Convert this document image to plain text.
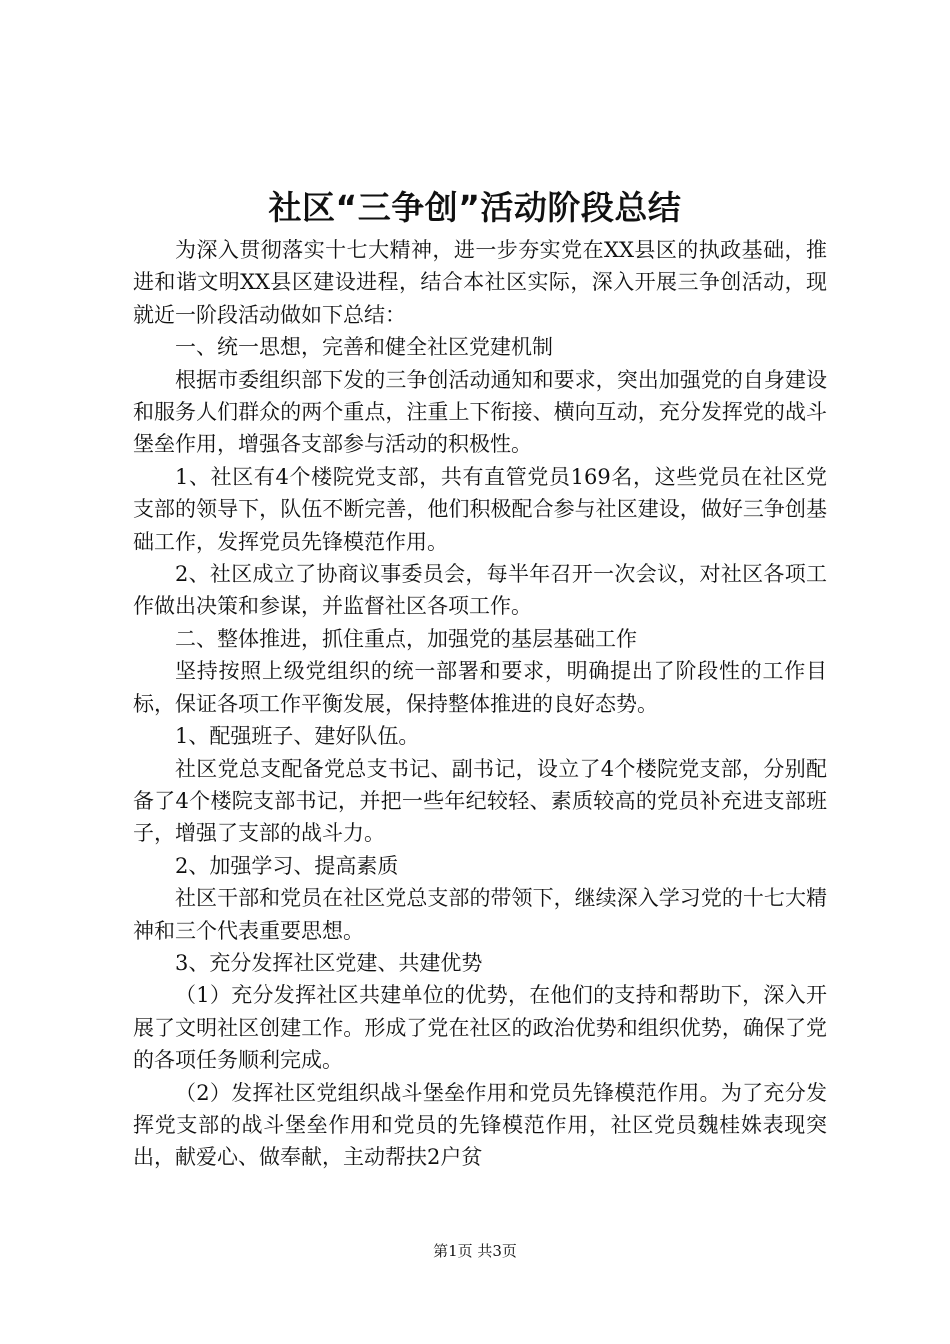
社区“三争创”活动阶段总结

为深入贯彻落实十七大精神，进一步夯实党在XX县区的执政基础，推进和谐文明XX县区建设进程，结合本社区实际，深入开展三争创活动，现就近一阶段活动做如下总结：

一、统一思想，完善和健全社区党建机制

根据市委组织部下发的三争创活动通知和要求，突出加强党的自身建设和服务人们群众的两个重点，注重上下衔接、横向互动，充分发挥党的战斗堡垒作用，增强各支部参与活动的积极性。

1、社区有4个楼院党支部，共有直管党员169名，这些党员在社区党支部的领导下，队伍不断完善，他们积极配合参与社区建设，做好三争创基础工作，发挥党员先锋模范作用。

2、社区成立了协商议事委员会，每半年召开一次会议，对社区各项工作做出决策和参谋，并监督社区各项工作。

二、整体推进，抓住重点，加强党的基层基础工作

坚持按照上级党组织的统一部署和要求，明确提出了阶段性的工作目标，保证各项工作平衡发展，保持整体推进的良好态势。

1、配强班子、建好队伍。

社区党总支配备党总支书记、副书记，设立了4个楼院党支部，分别配备了4个楼院支部书记，并把一些年纪较轻、素质较高的党员补充进支部班子，增强了支部的战斗力。

2、加强学习、提高素质

社区干部和党员在社区党总支部的带领下，继续深入学习党的十七大精神和三个代表重要思想。

3、充分发挥社区党建、共建优势

（1）充分发挥社区共建单位的优势，在他们的支持和帮助下，深入开展了文明社区创建工作。形成了党在社区的政治优势和组织优势，确保了党的各项任务顺利完成。

（2）发挥社区党组织战斗堡垒作用和党员先锋模范作用。为了充分发挥党支部的战斗堡垒作用和党员的先锋模范作用，社区党员魏桂姝表现突出，献爱心、做奉献，主动帮扶2户贫

第1页 共3页
